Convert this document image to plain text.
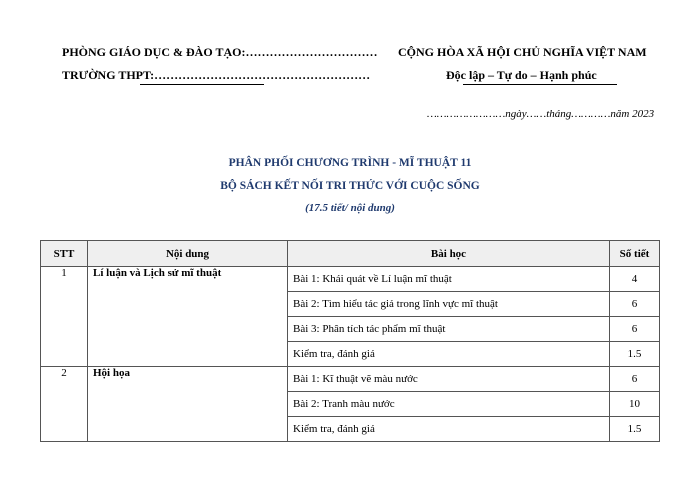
PHÒNG GIÁO DỤC & ĐÀO TẠO:……………………………
TRƯỜNG THPT:………………………………………………
CỘNG HÒA XÃ HỘI CHỦ NGHĨA VIỆT NAM
Độc lập – Tự do – Hạnh phúc
……………………ngày……tháng…………năm 2023
PHÂN PHỐI CHƯƠNG TRÌNH - MĨ THUẬT 11
BỘ SÁCH KẾT NỐI TRI THỨC VỚI CUỘC SỐNG
(17.5 tiết/ nội dung)
STT	Nội dung	Bài học	Số tiết
1	Lí luận và Lịch sử mĩ thuật	Bài 1: Khái quát về Lí luận mĩ thuật	4
		Bài 2: Tìm hiểu tác giả trong lĩnh vực mĩ thuật	6
		Bài 3: Phân tích tác phẩm mĩ thuật	6
		Kiểm tra, đánh giá	1.5
2	Hội họa	Bài 1: Kĩ thuật vẽ màu nước	6
		Bài 2: Tranh màu nước	10
		Kiểm tra, đánh giá	1.5
